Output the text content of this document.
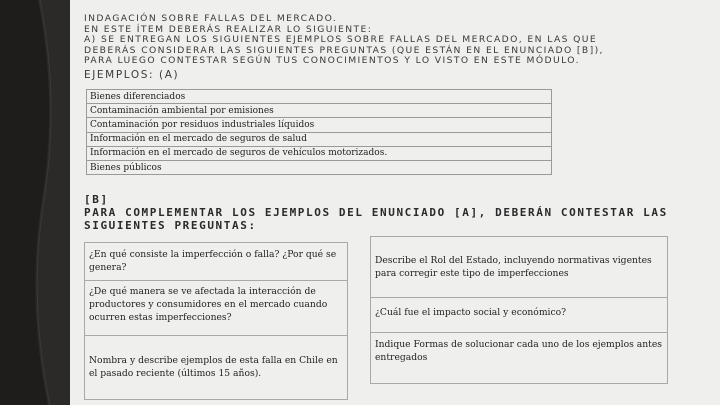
INDAGACIÓN SOBRE FALLAS DEL MERCADO.
EN ESTE ÍTEM DEBERÁS REALIZAR LO SIGUIENTE:
A) SE ENTREGAN LOS SIGUIENTES EJEMPLOS SOBRE FALLAS DEL MERCADO, EN LAS QUE
DEBERÁS CONSIDERAR LAS SIGUIENTES PREGUNTAS (QUE ESTÁN EN EL ENUNCIADO [B]),
PARA LUEGO CONTESTAR SEGÚN TUS CONOCIMIENTOS Y LO VISTO EN ESTE MÓDULO.
EJEMPLOS: (A)
Bienes diferenciados
Contaminación ambiental por emisiones
Contaminación por residuos industriales líquidos
Información en el mercado de seguros de salud
Información en el mercado de seguros de vehículos motorizados.
Bienes públicos
[B]
PARA COMPLEMENTAR LOS EJEMPLOS DEL ENUNCIADO [A], DEBERÁN CONTESTAR LAS
SIGUIENTES PREGUNTAS:
¿En qué consiste la imperfección o falla? ¿Por qué se genera?
¿De qué manera se ve afectada la interacción de productores y consumidores en el mercado cuando ocurren estas imperfecciones?
Nombra y describe ejemplos de esta falla en Chile en el pasado reciente (últimos 15 años).
Describe el Rol del Estado, incluyendo normativas vigentes para corregir este tipo de imperfecciones
¿Cuál fue el impacto social y económico?
Indique Formas de solucionar cada uno de los ejemplos antes entregados
